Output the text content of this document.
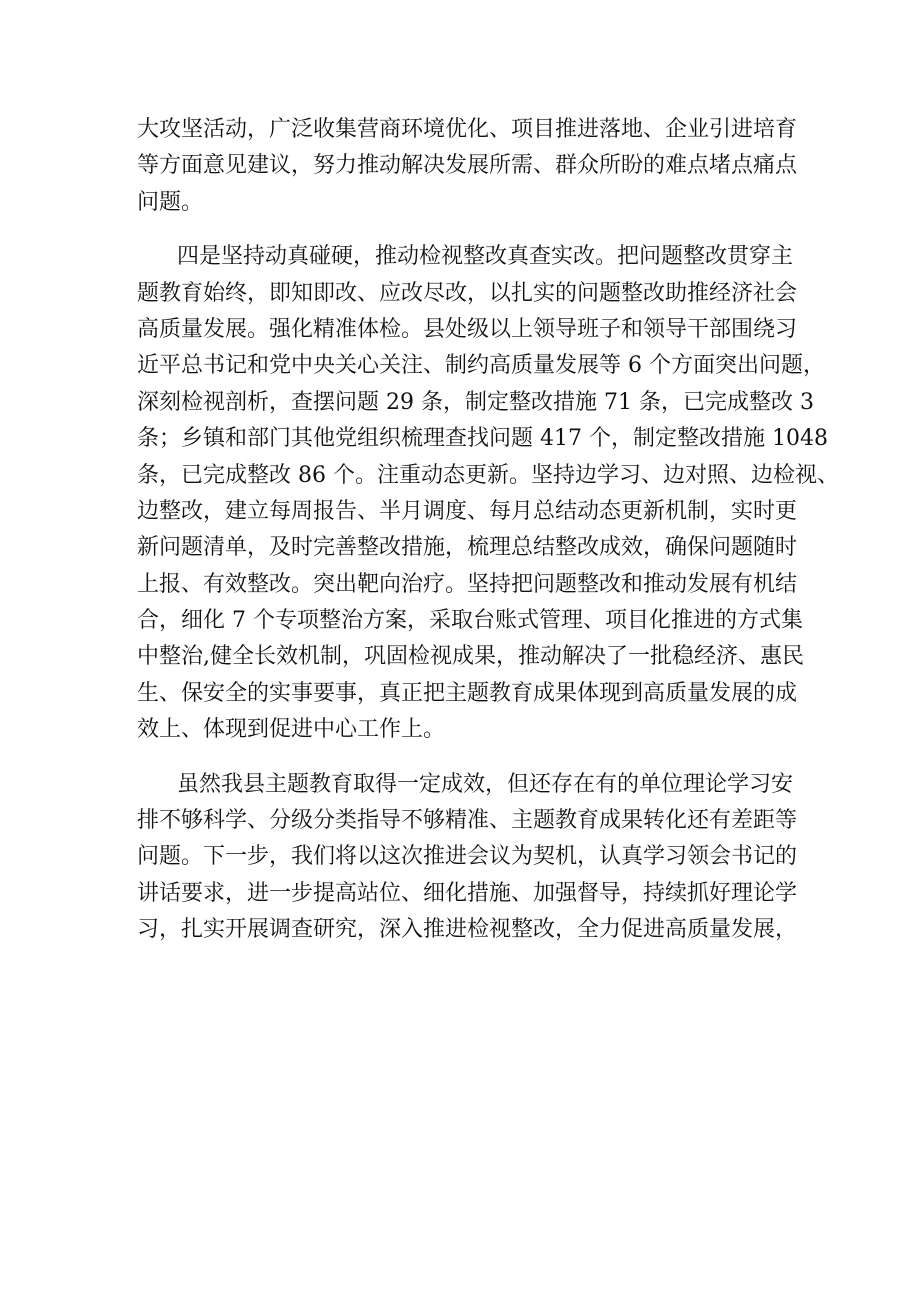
大攻坚活动，广泛收集营商环境优化、项目推进落地、企业引进培育

等方面意见建议，努力推动解决发展所需、群众所盼的难点堵点痛点

问题。

四是坚持动真碰硬，推动检视整改真查实改。把问题整改贯穿主

题教育始终，即知即改、应改尽改，以扎实的问题整改助推经济社会

高质量发展。强化精准体检。县处级以上领导班子和领导干部围绕习

近平总书记和党中央关心关注、制约高质量发展等 6 个方面突出问题，

深刻检视剖析，查摆问题 29 条，制定整改措施 71 条，已完成整改 3

条；乡镇和部门其他党组织梳理查找问题 417 个，制定整改措施 1048

条，已完成整改 86 个。注重动态更新。坚持边学习、边对照、边检视、

边整改，建立每周报告、半月调度、每月总结动态更新机制，实时更

新问题清单，及时完善整改措施，梳理总结整改成效，确保问题随时

上报、有效整改。突出靶向治疗。坚持把问题整改和推动发展有机结

合，细化 7 个专项整治方案，采取台账式管理、项目化推进的方式集

中整治,健全长效机制，巩固检视成果，推动解决了一批稳经济、惠民

生、保安全的实事要事，真正把主题教育成果体现到高质量发展的成

效上、体现到促进中心工作上。

虽然我县主题教育取得一定成效，但还存在有的单位理论学习安

排不够科学、分级分类指导不够精准、主题教育成果转化还有差距等

问题。下一步，我们将以这次推进会议为契机，认真学习领会书记的

讲话要求，进一步提高站位、细化措施、加强督导，持续抓好理论学

习，扎实开展调查研究，深入推进检视整改，全力促进高质量发展，
